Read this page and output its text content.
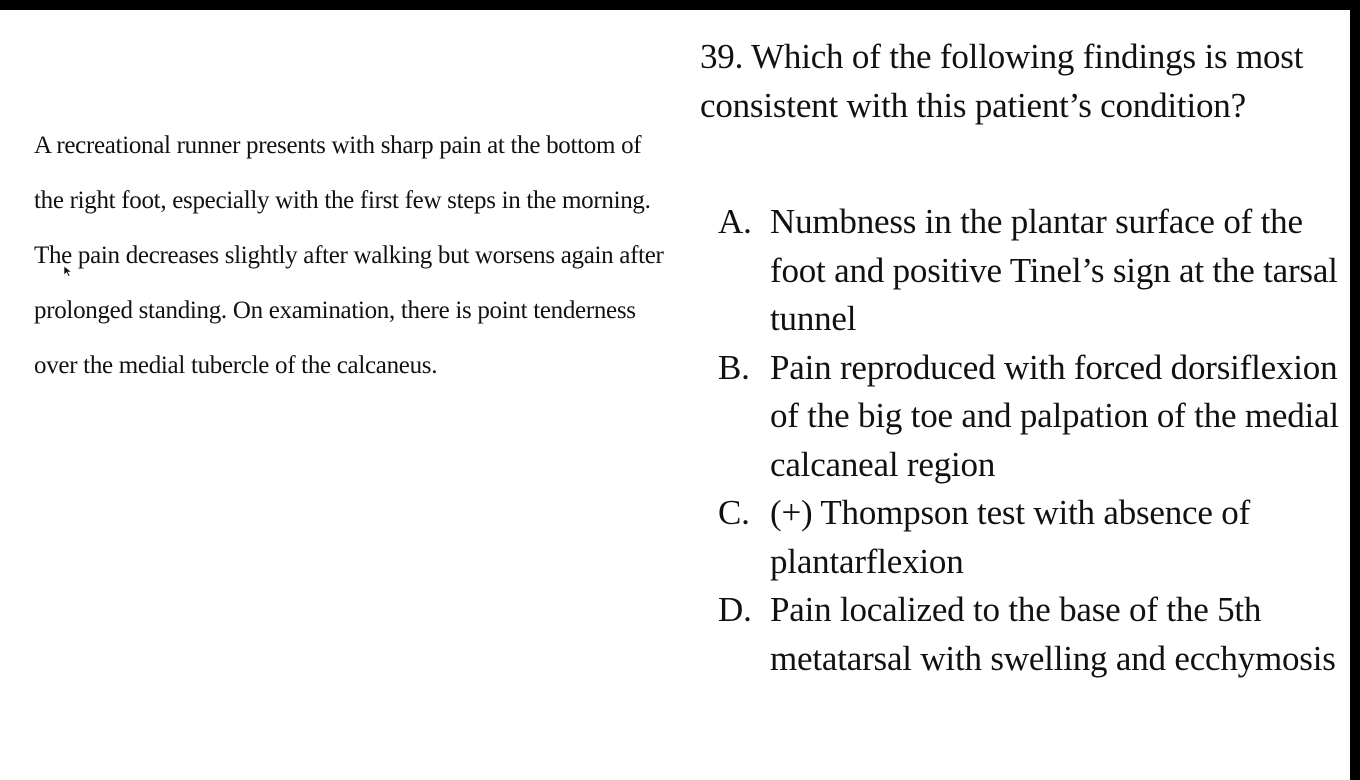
A recreational runner presents with sharp pain at the bottom of the right foot, especially with the first few steps in the morning. The pain decreases slightly after walking but worsens again after prolonged standing. On examination, there is point tenderness over the medial tubercle of the calcaneus.

39. Which of the following findings is most consistent with this patient’s condition?

A. Numbness in the plantar surface of the foot and positive Tinel’s sign at the tarsal tunnel
B. Pain reproduced with forced dorsiflexion of the big toe and palpation of the medial calcaneal region
C. (+) Thompson test with absence of plantarflexion
D. Pain localized to the base of the 5th metatarsal with swelling and ecchymosis
